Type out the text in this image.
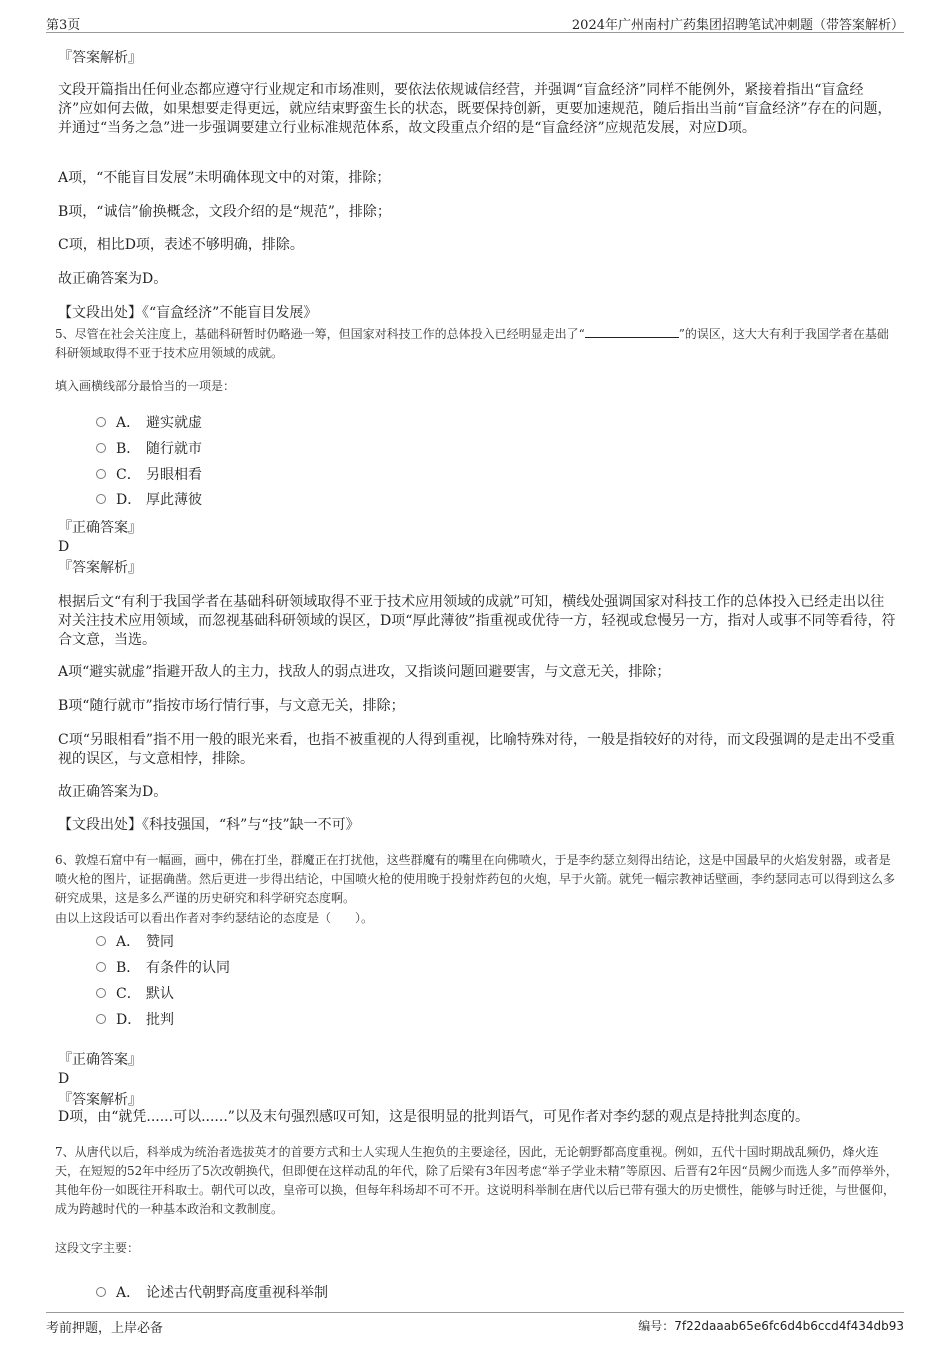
第3页	2024年广州南村广药集团招聘笔试冲刺题（带答案解析）

『答案解析』

文段开篇指出任何业态都应遵守行业规定和市场准则，要依法依规诚信经营，并强调“盲盒经济”同样不能例外，紧接着指出“盲盒经济”应如何去做，如果想要走得更远，就应结束野蛮生长的状态，既要保持创新，更要加速规范，随后指出当前“盲盒经济”存在的问题，并通过“当务之急”进一步强调要建立行业标准规范体系，故文段重点介绍的是“盲盒经济”应规范发展，对应D项。

A项，“不能盲目发展”未明确体现文中的对策，排除；

B项，“诚信”偷换概念，文段介绍的是“规范”，排除；

C项，相比D项，表述不够明确，排除。

故正确答案为D。

【文段出处】《“盲盒经济”不能盲目发展》

5、尽管在社会关注度上，基础科研暂时仍略逊一筹，但国家对科技工作的总体投入已经明显走出了“	”的误区，这大大有利于我国学者在基础科研领域取得不亚于技术应用领域的成就。

填入画横线部分最恰当的一项是：

A． 避实就虚
B． 随行就市
C． 另眼相看
D． 厚此薄彼

『正确答案』

D

『答案解析』

根据后文“有利于我国学者在基础科研领域取得不亚于技术应用领域的成就”可知，横线处强调国家对科技工作的总体投入已经走出以往对关注技术应用领域，而忽视基础科研领域的误区，D项“厚此薄彼”指重视或优待一方，轻视或怠慢另一方，指对人或事不同等看待，符合文意，当选。

A项“避实就虚”指避开敌人的主力，找敌人的弱点进攻，又指谈问题回避要害，与文意无关，排除；

B项“随行就市”指按市场行情行事，与文意无关，排除；

C项“另眼相看”指不用一般的眼光来看，也指不被重视的人得到重视，比喻特殊对待，一般是指较好的对待，而文段强调的是走出不受重视的误区，与文意相悖，排除。

故正确答案为D。

【文段出处】《科技强国，“科”与“技”缺一不可》

6、敦煌石窟中有一幅画，画中，佛在打坐，群魔正在打扰他，这些群魔有的嘴里在向佛喷火，于是李约瑟立刻得出结论，这是中国最早的火焰发射器，或者是喷火枪的图片，证据确凿。然后更进一步得出结论，中国喷火枪的使用晚于投射炸药包的火炮，早于火箭。就凭一幅宗教神话壁画，李约瑟同志可以得到这么多研究成果，这是多么严谨的历史研究和科学研究态度啊。

由以上这段话可以看出作者对李约瑟结论的态度是（　　）。

A． 赞同
B． 有条件的认同
C． 默认
D． 批判

『正确答案』

D

『答案解析』

D项，由“就凭......可以......”以及末句强烈感叹可知，这是很明显的批判语气，可见作者对李约瑟的观点是持批判态度的。

7、从唐代以后，科举成为统治者选拔英才的首要方式和士人实现人生抱负的主要途径，因此，无论朝野都高度重视。例如，五代十国时期战乱频仍，烽火连天，在短短的52年中经历了5次改朝换代，但即便在这样动乱的年代，除了后梁有3年因考虑“举子学业未精”等原因、后晋有2年因“员阙少而选人多”而停举外，其他年份一如既往开科取士。朝代可以改，皇帝可以换，但每年科场却不可不开。这说明科举制在唐代以后已带有强大的历史惯性，能够与时迁徙，与世偃仰，成为跨越时代的一种基本政治和文教制度。

这段文字主要：

A． 论述古代朝野高度重视科举制
考前押题，上岸必备	编号：7f22daaab65e6fc6d4b6ccd4f434db93
